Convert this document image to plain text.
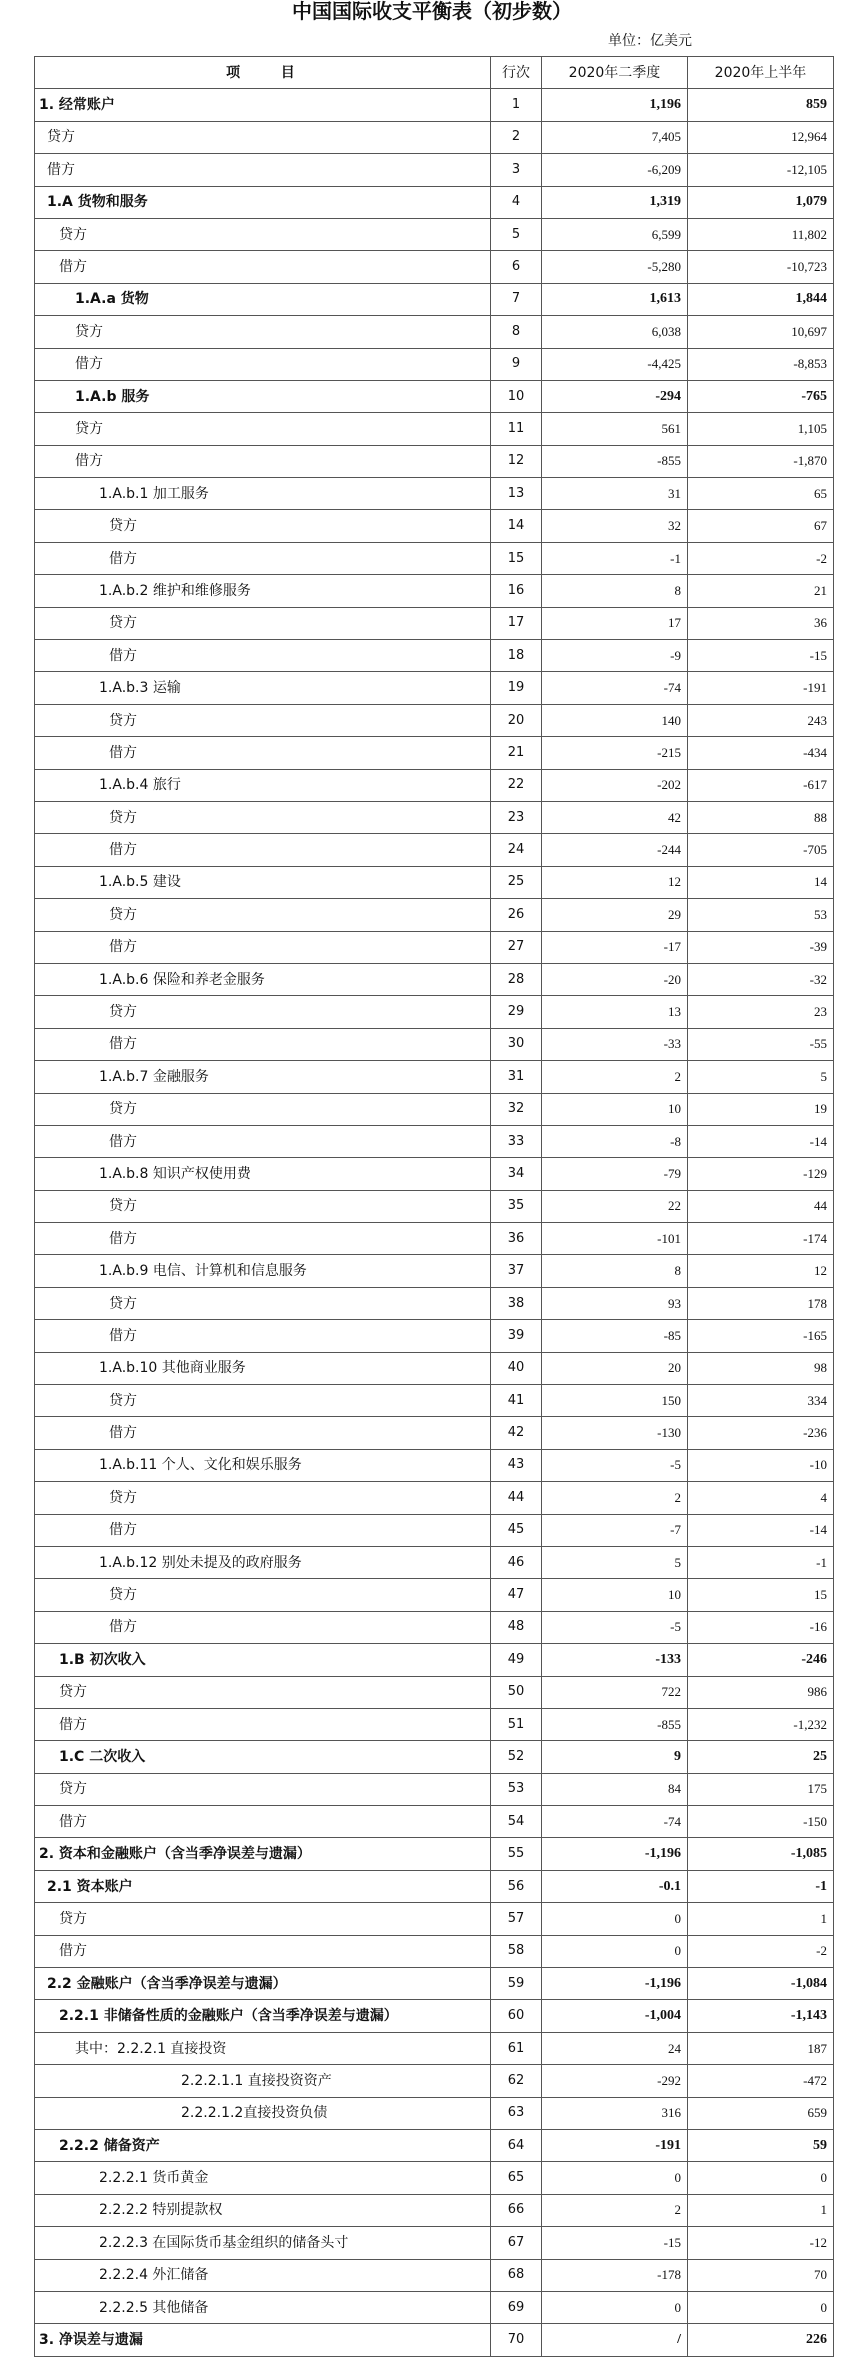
中国国际收支平衡表（初步数）
单位：亿美元
项　　目	行次	2020年二季度	2020年上半年
1. 经常账户	1	1,196	859
贷方	2	7,405	12,964
借方	3	-6,209	-12,105
1.A 货物和服务	4	1,319	1,079
贷方	5	6,599	11,802
借方	6	-5,280	-10,723
1.A.a 货物	7	1,613	1,844
贷方	8	6,038	10,697
借方	9	-4,425	-8,853
1.A.b 服务	10	-294	-765
贷方	11	561	1,105
借方	12	-855	-1,870
1.A.b.1 加工服务	13	31	65
贷方	14	32	67
借方	15	-1	-2
1.A.b.2 维护和维修服务	16	8	21
贷方	17	17	36
借方	18	-9	-15
1.A.b.3 运输	19	-74	-191
贷方	20	140	243
借方	21	-215	-434
1.A.b.4 旅行	22	-202	-617
贷方	23	42	88
借方	24	-244	-705
1.A.b.5 建设	25	12	14
贷方	26	29	53
借方	27	-17	-39
1.A.b.6 保险和养老金服务	28	-20	-32
贷方	29	13	23
借方	30	-33	-55
1.A.b.7 金融服务	31	2	5
贷方	32	10	19
借方	33	-8	-14
1.A.b.8 知识产权使用费	34	-79	-129
贷方	35	22	44
借方	36	-101	-174
1.A.b.9 电信、计算机和信息服务	37	8	12
贷方	38	93	178
借方	39	-85	-165
1.A.b.10 其他商业服务	40	20	98
贷方	41	150	334
借方	42	-130	-236
1.A.b.11 个人、文化和娱乐服务	43	-5	-10
贷方	44	2	4
借方	45	-7	-14
1.A.b.12 别处未提及的政府服务	46	5	-1
贷方	47	10	15
借方	48	-5	-16
1.B 初次收入	49	-133	-246
贷方	50	722	986
借方	51	-855	-1,232
1.C 二次收入	52	9	25
贷方	53	84	175
借方	54	-74	-150
2. 资本和金融账户（含当季净误差与遗漏）	55	-1,196	-1,085
2.1 资本账户	56	-0.1	-1
贷方	57	0	1
借方	58	0	-2
2.2 金融账户（含当季净误差与遗漏）	59	-1,196	-1,084
2.2.1 非储备性质的金融账户（含当季净误差与遗漏）	60	-1,004	-1,143
其中：2.2.2.1 直接投资	61	24	187
2.2.2.1.1 直接投资资产	62	-292	-472
2.2.2.1.2直接投资负债	63	316	659
2.2.2 储备资产	64	-191	59
2.2.2.1 货币黄金	65	0	0
2.2.2.2 特别提款权	66	2	1
2.2.2.3 在国际货币基金组织的储备头寸	67	-15	-12
2.2.2.4 外汇储备	68	-178	70
2.2.2.5 其他储备	69	0	0
3. 净误差与遗漏	70	/	226
